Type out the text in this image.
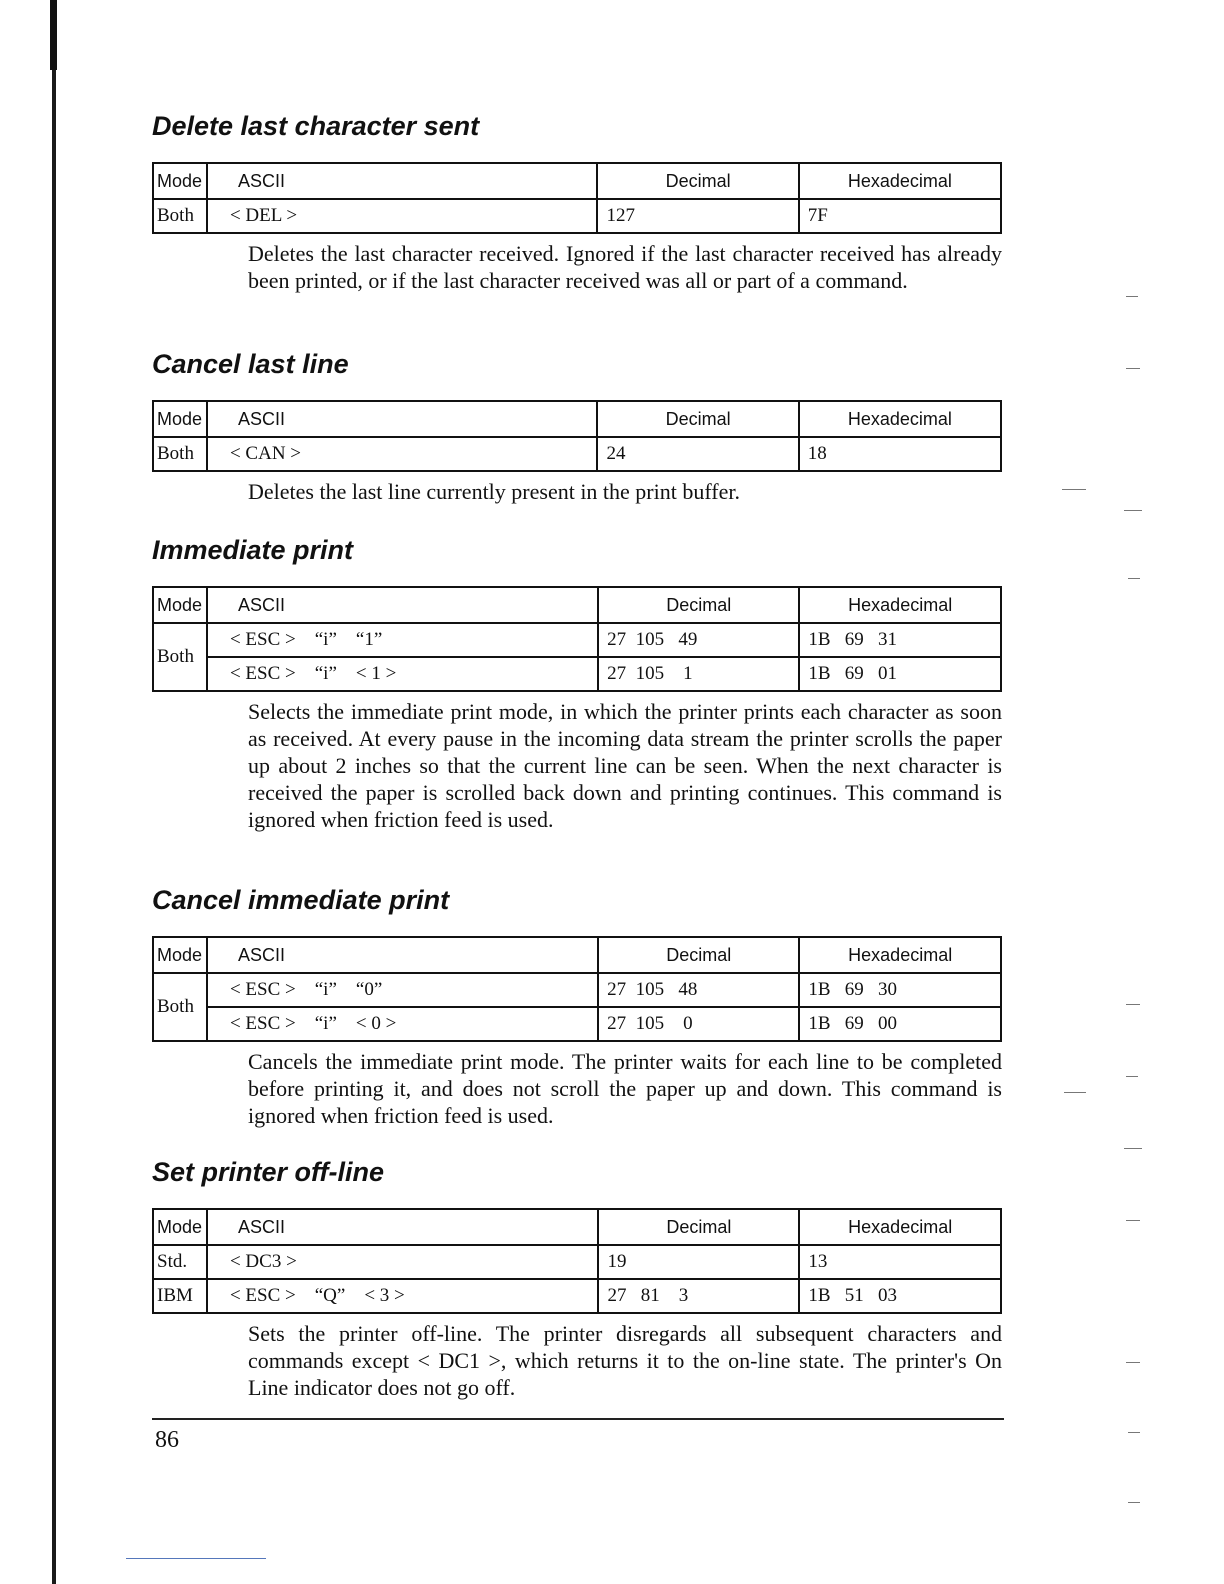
Delete last character sent
Mode	ASCII	Decimal	Hexadecimal
Both	< DEL >	127	7F

Deletes the last character received. Ignored if the last character received has already been printed, or if the last character received was all or part of a command.

Cancel last line
Mode	ASCII	Decimal	Hexadecimal
Both	< CAN >	24	18

Deletes the last line currently present in the print buffer.

Immediate print
Mode	ASCII	Decimal	Hexadecimal
Both	< ESC >    “i”    “1”	27  105   49	1B   69   31
	< ESC >    “i”    < 1 >	27  105    1	1B   69   01

Selects the immediate print mode, in which the printer prints each character as soon as received. At every pause in the incoming data stream the printer scrolls the paper up about 2 inches so that the current line can be seen. When the next character is received the paper is scrolled back down and printing continues. This command is ignored when friction feed is used.

Cancel immediate print
Mode	ASCII	Decimal	Hexadecimal
Both	< ESC >    “i”    “0”	27  105   48	1B   69   30
	< ESC >    “i”    < 0 >	27  105    0	1B   69   00

Cancels the immediate print mode. The printer waits for each line to be completed before printing it, and does not scroll the paper up and down. This command is ignored when friction feed is used.

Set printer off-line
Mode	ASCII	Decimal	Hexadecimal
Std.	< DC3 >	19	13
IBM	< ESC >    “Q”    < 3 >	27   81    3	1B   51   03

Sets the printer off-line. The printer disregards all subsequent characters and commands except < DC1 >, which returns it to the on-line state. The printer's On Line indicator does not go off.

86
